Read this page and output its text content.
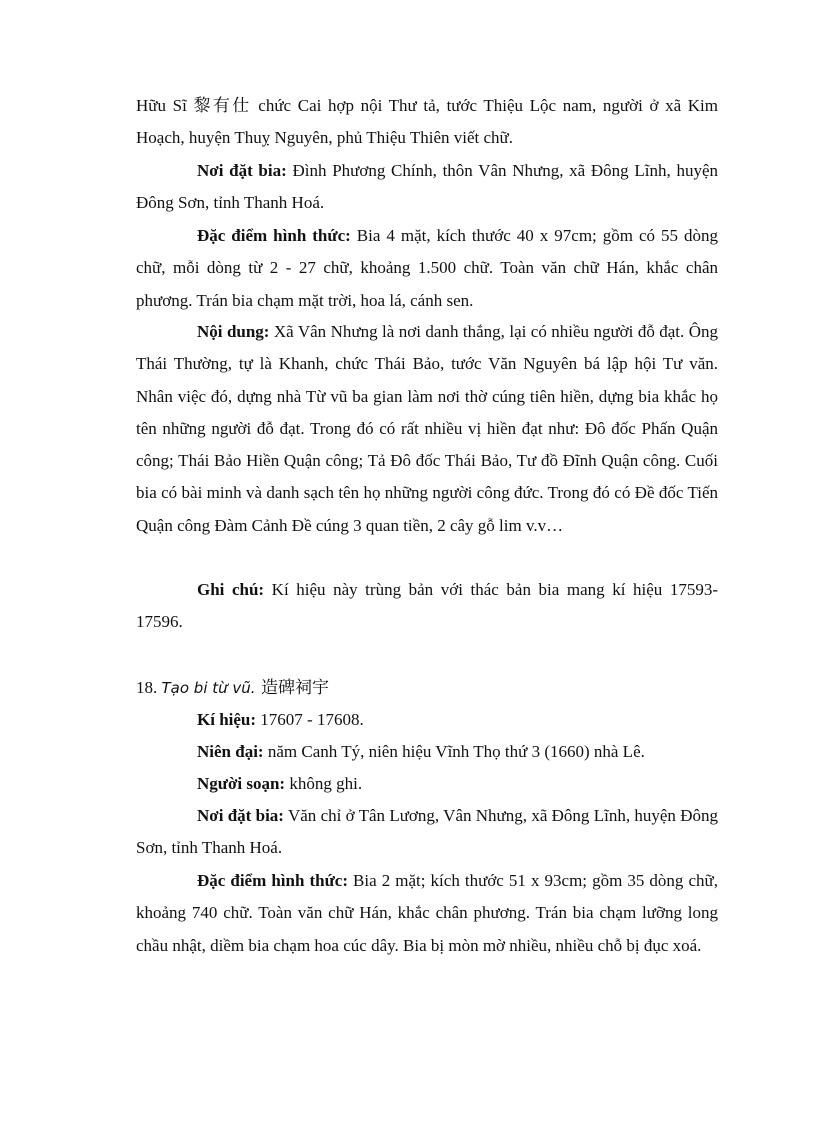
Hữu Sĩ 黎有仕 chức Cai hợp nội Thư tả, tước Thiệu Lộc nam, người ở xã Kim Hoạch, huyện Thuỵ Nguyên, phủ Thiệu Thiên viết chữ.

Nơi đặt bia: Đình Phương Chính, thôn Vân Nhưng, xã Đông Lĩnh, huyện Đông Sơn, tỉnh Thanh Hoá.

Đặc điểm hình thức: Bia 4 mặt, kích thước 40 x 97cm; gồm có 55 dòng chữ, mỗi dòng từ 2 - 27 chữ, khoảng 1.500 chữ. Toàn văn chữ Hán, khắc chân phương. Trán bia chạm mặt trời, hoa lá, cánh sen.

Nội dung: Xã Vân Nhưng là nơi danh thắng, lại có nhiều người đỗ đạt. Ông Thái Thường, tự là Khanh, chức Thái Bảo, tước Văn Nguyên bá lập hội Tư văn. Nhân việc đó, dựng nhà Từ vũ ba gian làm nơi thờ cúng tiên hiền, dựng bia khắc họ tên những người đỗ đạt. Trong đó có rất nhiều vị hiền đạt như: Đô đốc Phấn Quận công; Thái Bảo Hiền Quận công; Tả Đô đốc Thái Bảo, Tư đồ Đĩnh Quận công. Cuối bia có bài minh và danh sạch tên họ những người công đức. Trong đó có Đề đốc Tiến Quận công Đàm Cảnh Đề cúng 3 quan tiền, 2 cây gỗ lim v.v…

Ghi chú: Kí hiệu này trùng bản với thác bản bia mang kí hiệu 17593-17596.

18. Tạo bi từ vũ. 造碑祠宇

Kí hiệu: 17607 - 17608.

Niên đại: năm Canh Tý, niên hiệu Vĩnh Thọ thứ 3 (1660) nhà Lê.

Người soạn: không ghi.

Nơi đặt bia: Văn chỉ ở Tân Lương, Vân Nhưng, xã Đông Lĩnh, huyện Đông Sơn, tỉnh Thanh Hoá.

Đặc điểm hình thức: Bia 2 mặt; kích thước 51 x 93cm; gồm 35 dòng chữ, khoảng 740 chữ. Toàn văn chữ Hán, khắc chân phương. Trán bia chạm lưỡng long chầu nhật, diềm bia chạm hoa cúc dây. Bia bị mòn mờ nhiều, nhiều chỗ bị đục xoá.
